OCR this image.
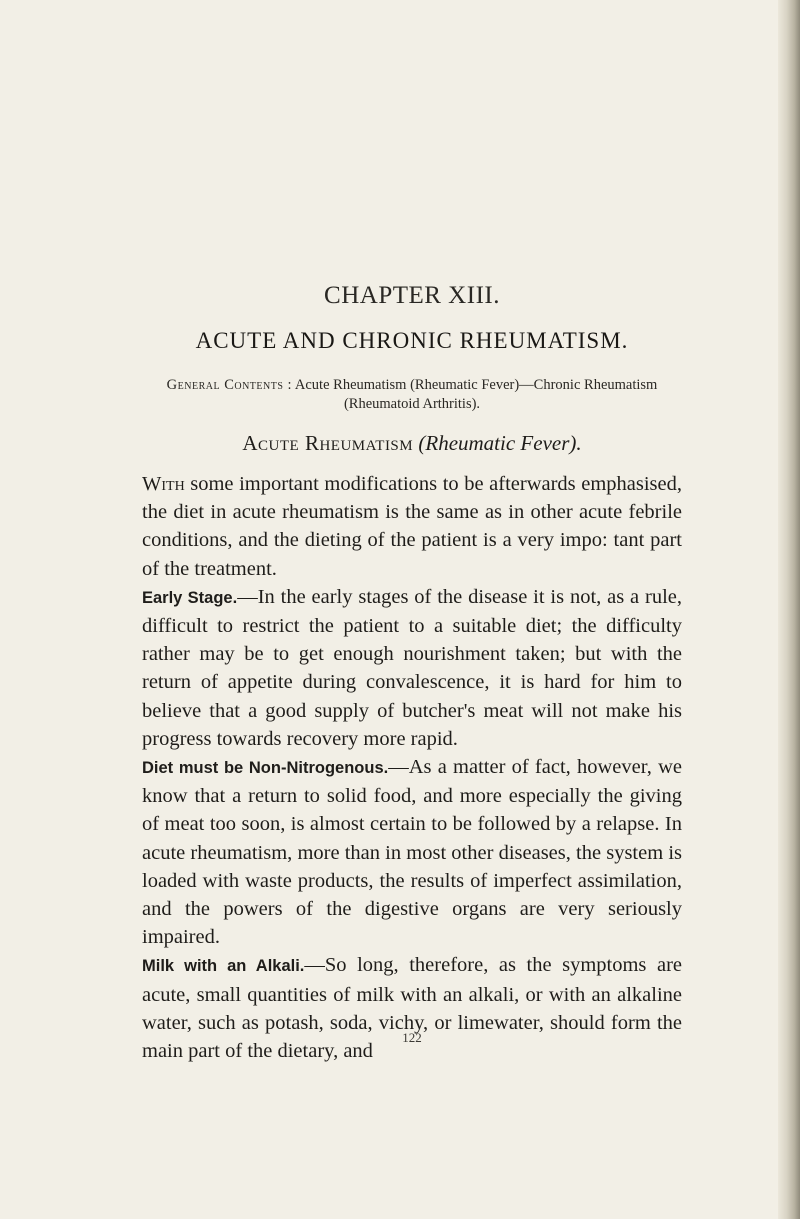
CHAPTER XIII.
ACUTE AND CHRONIC RHEUMATISM.
General Contents : Acute Rheumatism (Rheumatic Fever)—Chronic Rheumatism (Rheumatoid Arthritis).
Acute Rheumatism (Rheumatic Fever).

With some important modifications to be afterwards emphasised, the diet in acute rheumatism is the same as in other acute febrile conditions, and the dieting of the patient is a very impo: tant part of the treatment.

Early Stage.—In the early stages of the disease it is not, as a rule, difficult to restrict the patient to a suitable diet; the difficulty rather may be to get enough nourishment taken; but with the return of appetite during convalescence, it is hard for him to believe that a good supply of butcher's meat will not make his progress towards recovery more rapid.

Diet must be Non-Nitrogenous.—As a matter of fact, however, we know that a return to solid food, and more especially the giving of meat too soon, is almost certain to be followed by a relapse. In acute rheumatism, more than in most other diseases, the system is loaded with waste products, the results of imperfect assimilation, and the powers of the digestive organs are very seriously impaired.

Milk with an Alkali.—So long, therefore, as the symptoms are acute, small quantities of milk with an alkali, or with an alkaline water, such as potash, soda, vichy, or limewater, should form the main part of the dietary, and

122
